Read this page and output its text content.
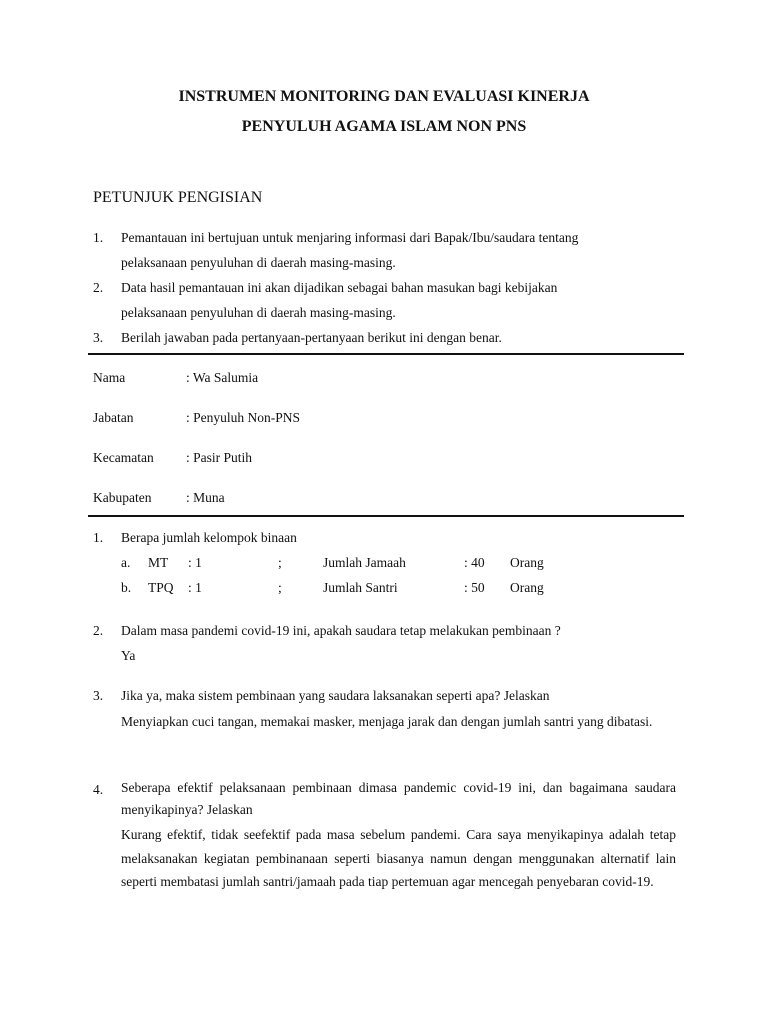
INSTRUMEN MONITORING DAN EVALUASI KINERJA
PENYULUH AGAMA ISLAM NON PNS
PETUNJUK PENGISIAN
1. Pemantauan ini bertujuan untuk menjaring informasi dari Bapak/Ibu/saudara tentang
pelaksanaan penyuluhan di daerah masing-masing.
2. Data hasil pemantauan ini akan dijadikan sebagai bahan masukan bagi kebijakan
pelaksanaan penyuluhan di daerah masing-masing.
3. Berilah jawaban pada pertanyaan-pertanyaan berikut ini dengan benar.
Nama	: Wa Salumia
Jabatan	: Penyuluh Non-PNS
Kecamatan : Pasir Putih
Kabupaten	: Muna
1. Berapa jumlah kelompok binaan
a. MT : 1	;	Jumlah Jamaah	: 40 Orang
b. TPQ : 1	;	Jumlah Santri	: 50 Orang
2. Dalam masa pandemi covid-19 ini, apakah saudara tetap melakukan pembinaan ?
Ya
3. Jika ya, maka sistem pembinaan yang saudara laksanakan seperti apa? Jelaskan
Menyiapkan cuci tangan, memakai masker, menjaga jarak dan dengan jumlah santri yang dibatasi.
4. Seberapa efektif pelaksanaan pembinaan dimasa pandemic covid-19 ini, dan bagaimana saudara menyikapinya? Jelaskan
Kurang efektif, tidak seefektif pada masa sebelum pandemi. Cara saya menyikapinya adalah tetap melaksanakan kegiatan pembinanaan seperti biasanya namun dengan menggunakan alternatif lain seperti membatasi jumlah santri/jamaah pada tiap pertemuan agar mencegah penyebaran covid-19.
